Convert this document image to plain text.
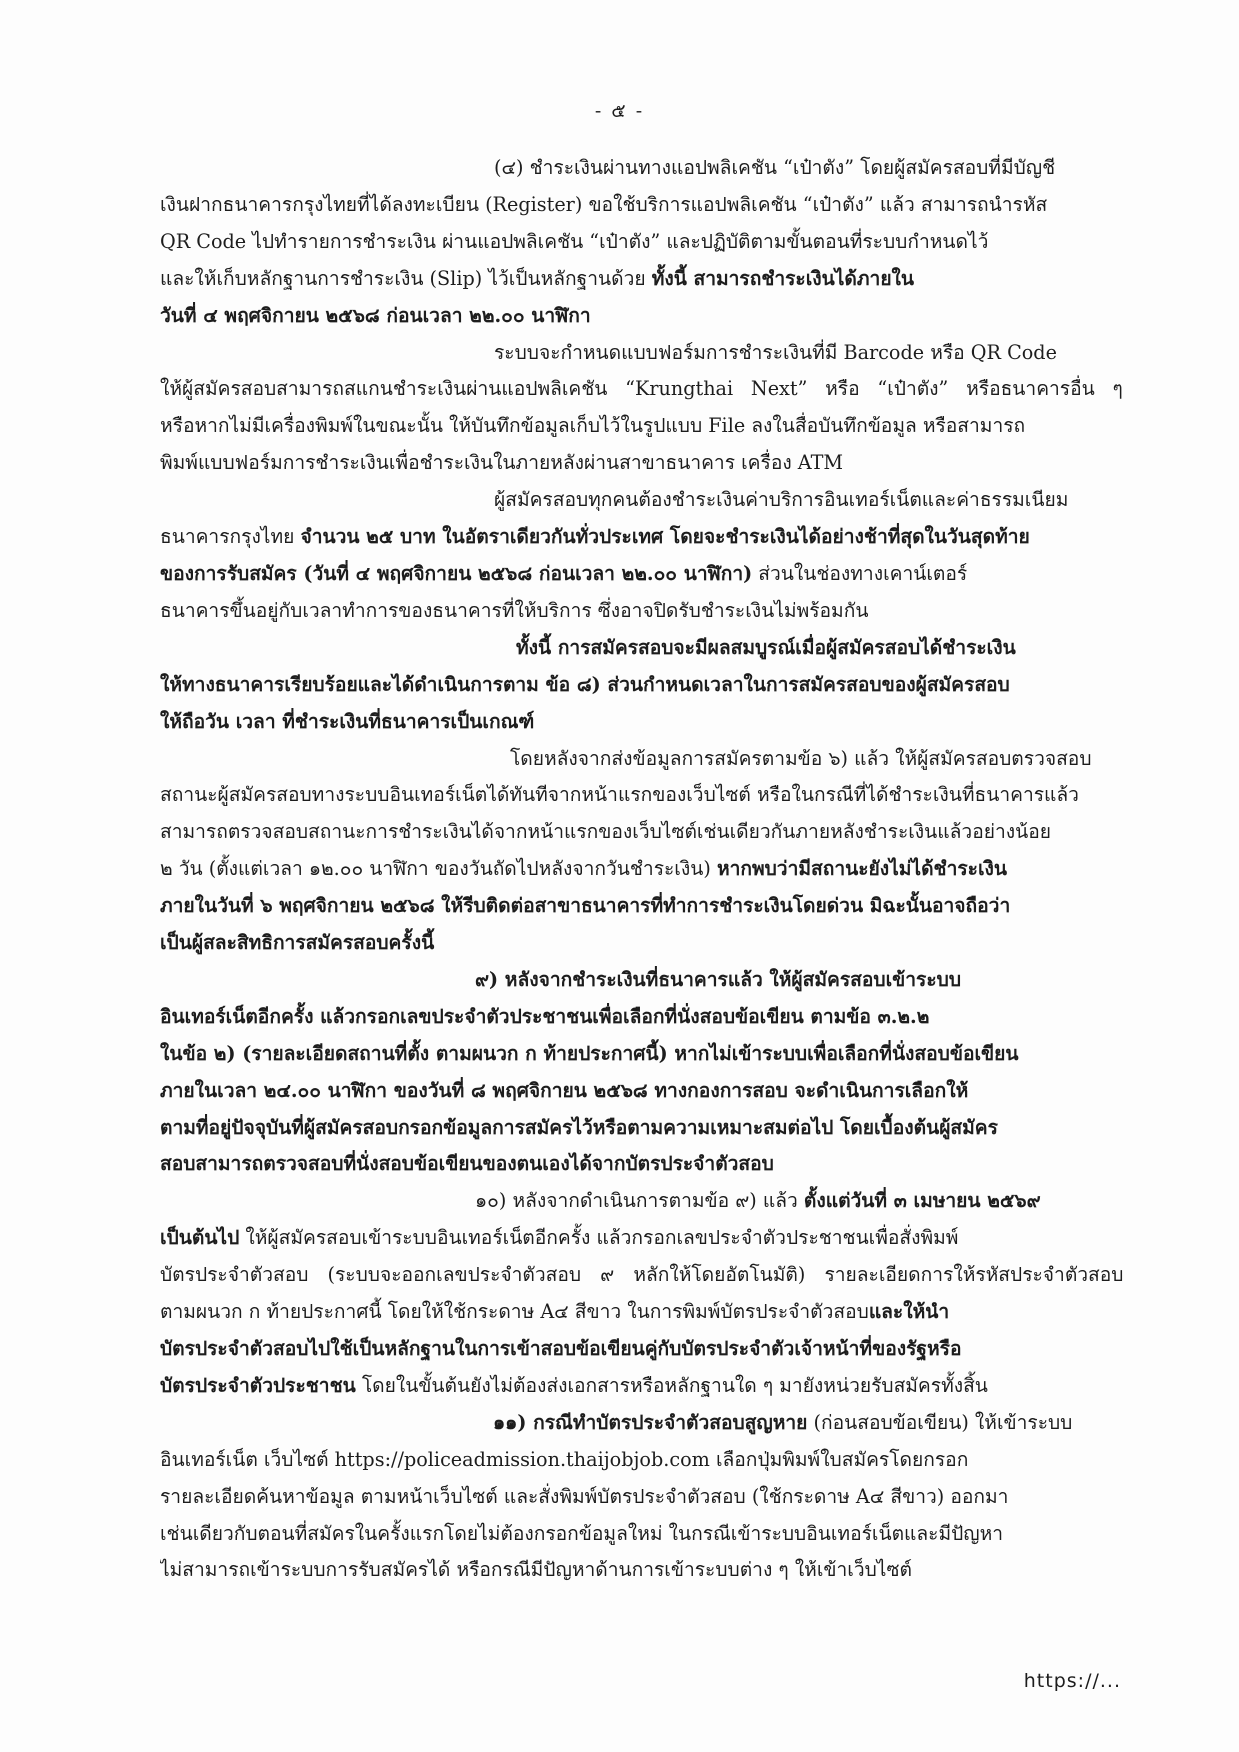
- ๕ -
(๔) ชำระเงินผ่านทางแอปพลิเคชัน “เป๋าตัง” โดยผู้สมัครสอบที่มีบัญชี
เงินฝากธนาคารกรุงไทยที่ได้ลงทะเบียน (Register) ขอใช้บริการแอปพลิเคชัน “เป๋าตัง” แล้ว สามารถนำรหัส
QR Code ไปทำรายการชำระเงิน ผ่านแอปพลิเคชัน “เป๋าตัง” และปฏิบัติตามขั้นตอนที่ระบบกำหนดไว้
และให้เก็บหลักฐานการชำระเงิน (Slip) ไว้เป็นหลักฐานด้วย ทั้งนี้ สามารถชำระเงินได้ภายใน
วันที่ ๔ พฤศจิกายน ๒๕๖๘ ก่อนเวลา ๒๒.๐๐ นาฬิกา
ระบบจะกำหนดแบบฟอร์มการชำระเงินที่มี Barcode หรือ QR Code
ให้ผู้สมัครสอบสามารถสแกนชำระเงินผ่านแอปพลิเคชัน “Krungthai Next” หรือ “เป๋าตัง” หรือธนาคารอื่น ๆ
หรือหากไม่มีเครื่องพิมพ์ในขณะนั้น ให้บันทึกข้อมูลเก็บไว้ในรูปแบบ File ลงในสื่อบันทึกข้อมูล หรือสามารถ
พิมพ์แบบฟอร์มการชำระเงินเพื่อชำระเงินในภายหลังผ่านสาขาธนาคาร เครื่อง ATM
ผู้สมัครสอบทุกคนต้องชำระเงินค่าบริการอินเทอร์เน็ตและค่าธรรมเนียม
ธนาคารกรุงไทย จำนวน ๒๕ บาท ในอัตราเดียวกันทั่วประเทศ โดยจะชำระเงินได้อย่างช้าที่สุดในวันสุดท้าย
ของการรับสมัคร (วันที่ ๔ พฤศจิกายน ๒๕๖๘ ก่อนเวลา ๒๒.๐๐ นาฬิกา) ส่วนในช่องทางเคาน์เตอร์
ธนาคารขึ้นอยู่กับเวลาทำการของธนาคารที่ให้บริการ ซึ่งอาจปิดรับชำระเงินไม่พร้อมกัน
ทั้งนี้ การสมัครสอบจะมีผลสมบูรณ์เมื่อผู้สมัครสอบได้ชำระเงิน
ให้ทางธนาคารเรียบร้อยและได้ดำเนินการตาม ข้อ ๘) ส่วนกำหนดเวลาในการสมัครสอบของผู้สมัครสอบ
ให้ถือวัน เวลา ที่ชำระเงินที่ธนาคารเป็นเกณฑ์
โดยหลังจากส่งข้อมูลการสมัครตามข้อ ๖) แล้ว ให้ผู้สมัครสอบตรวจสอบ
สถานะผู้สมัครสอบทางระบบอินเทอร์เน็ตได้ทันทีจากหน้าแรกของเว็บไซต์ หรือในกรณีที่ได้ชำระเงินที่ธนาคารแล้ว
สามารถตรวจสอบสถานะการชำระเงินได้จากหน้าแรกของเว็บไซต์เช่นเดียวกันภายหลังชำระเงินแล้วอย่างน้อย
๒ วัน (ตั้งแต่เวลา ๑๒.๐๐ นาฬิกา ของวันถัดไปหลังจากวันชำระเงิน) หากพบว่ามีสถานะยังไม่ได้ชำระเงิน
ภายในวันที่ ๖ พฤศจิกายน ๒๕๖๘ ให้รีบติดต่อสาขาธนาคารที่ทำการชำระเงินโดยด่วน มิฉะนั้นอาจถือว่า
เป็นผู้สละสิทธิการสมัครสอบครั้งนี้
๙) หลังจากชำระเงินที่ธนาคารแล้ว ให้ผู้สมัครสอบเข้าระบบ
อินเทอร์เน็ตอีกครั้ง แล้วกรอกเลขประจำตัวประชาชนเพื่อเลือกที่นั่งสอบข้อเขียน ตามข้อ ๓.๒.๒
ในข้อ ๒) (รายละเอียดสถานที่ตั้ง ตามผนวก ก ท้ายประกาศนี้) หากไม่เข้าระบบเพื่อเลือกที่นั่งสอบข้อเขียน
ภายในเวลา ๒๔.๐๐ นาฬิกา ของวันที่ ๘ พฤศจิกายน ๒๕๖๘ ทางกองการสอบ จะดำเนินการเลือกให้
ตามที่อยู่ปัจจุบันที่ผู้สมัครสอบกรอกข้อมูลการสมัครไว้หรือตามความเหมาะสมต่อไป โดยเบื้องต้นผู้สมัคร
สอบสามารถตรวจสอบที่นั่งสอบข้อเขียนของตนเองได้จากบัตรประจำตัวสอบ
๑๐) หลังจากดำเนินการตามข้อ ๙) แล้ว ตั้งแต่วันที่ ๓ เมษายน ๒๕๖๙
เป็นต้นไป ให้ผู้สมัครสอบเข้าระบบอินเทอร์เน็ตอีกครั้ง แล้วกรอกเลขประจำตัวประชาชนเพื่อสั่งพิมพ์
บัตรประจำตัวสอบ (ระบบจะออกเลขประจำตัวสอบ ๙ หลักให้โดยอัตโนมัติ) รายละเอียดการให้รหัสประจำตัวสอบ
ตามผนวก ก ท้ายประกาศนี้ โดยให้ใช้กระดาษ A๔ สีขาว ในการพิมพ์บัตรประจำตัวสอบและให้นำ
บัตรประจำตัวสอบไปใช้เป็นหลักฐานในการเข้าสอบข้อเขียนคู่กับบัตรประจำตัวเจ้าหน้าที่ของรัฐหรือ
บัตรประจำตัวประชาชน โดยในขั้นต้นยังไม่ต้องส่งเอกสารหรือหลักฐานใด ๆ มายังหน่วยรับสมัครทั้งสิ้น
๑๑) กรณีทำบัตรประจำตัวสอบสูญหาย (ก่อนสอบข้อเขียน) ให้เข้าระบบ
อินเทอร์เน็ต เว็บไซต์ https://policeadmission.thaijobjob.com เลือกปุ่มพิมพ์ใบสมัครโดยกรอก
รายละเอียดค้นหาข้อมูล ตามหน้าเว็บไซต์ และสั่งพิมพ์บัตรประจำตัวสอบ (ใช้กระดาษ A๔ สีขาว) ออกมา
เช่นเดียวกับตอนที่สมัครในครั้งแรกโดยไม่ต้องกรอกข้อมูลใหม่ ในกรณีเข้าระบบอินเทอร์เน็ตและมีปัญหา
ไม่สามารถเข้าระบบการรับสมัครได้ หรือกรณีมีปัญหาด้านการเข้าระบบต่าง ๆ ให้เข้าเว็บไซต์
https://...
